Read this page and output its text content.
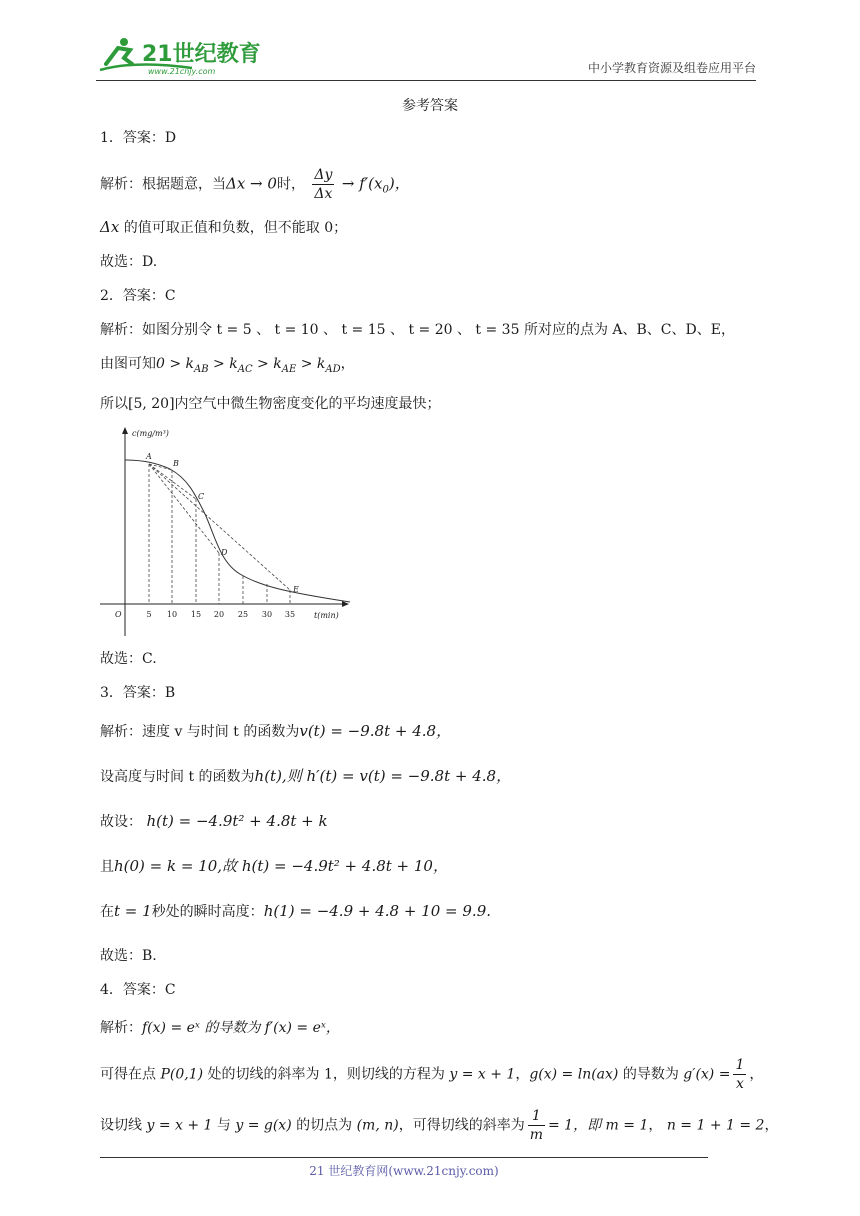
21世纪教育
www.21cnjy.com	中小学教育资源及组卷应用平台
参考答案

1．答案：D

解析：根据题意，当Δx → 0时， $\frac{\Delta y}{\Delta x} \to f'(x_0)$，

Δx 的值可取正值和负数，但不能取 0；

故选：D.

2．答案：C

解析：如图分别令 t = 5 、 t = 10 、 t = 15 、 t = 20 、 t = 35 所对应的点为 A、B、C、D、E，

由图可知$0 > k_{AB} > k_{AC} > k_{AE} > k_{AD}$，

所以[5, 20]内空气中微生物密度变化的平均速度最快；

c(mg/m³)
t(min)
O	5 10 15 20 25 30 35
A
B
C
D
E

故选：C.

3．答案：B

解析：速度 v 与时间 t 的函数为v(t) = −9.8t + 4.8，

设高度与时间 t 的函数为h(t),则 h′(t) = v(t) = −9.8t + 4.8，

故设： h(t) = −4.9t² + 4.8t + k

且h(0) = k = 10,故 h(t) = −4.9t² + 4.8t + 10，

在t = 1秒处的瞬时高度：h(1) = −4.9 + 4.8 + 10 = 9.9.

故选：B.

4．答案：C

解析：f(x) = eˣ 的导数为 f′(x) = eˣ，

可得在点 P(0,1) 处的切线的斜率为 1，则切线的方程为 y = x + 1，g(x) = ln(ax) 的导数为 $g'(x) = \frac{1}{x}$ ，

设切线 y = x + 1 与 y = g(x) 的切点为 (m, n)，可得切线的斜率为 $\frac{1}{m} = 1$，即 m = 1， n = 1 + 1 = 2，

21 世纪教育网(www.21cnjy.com)
